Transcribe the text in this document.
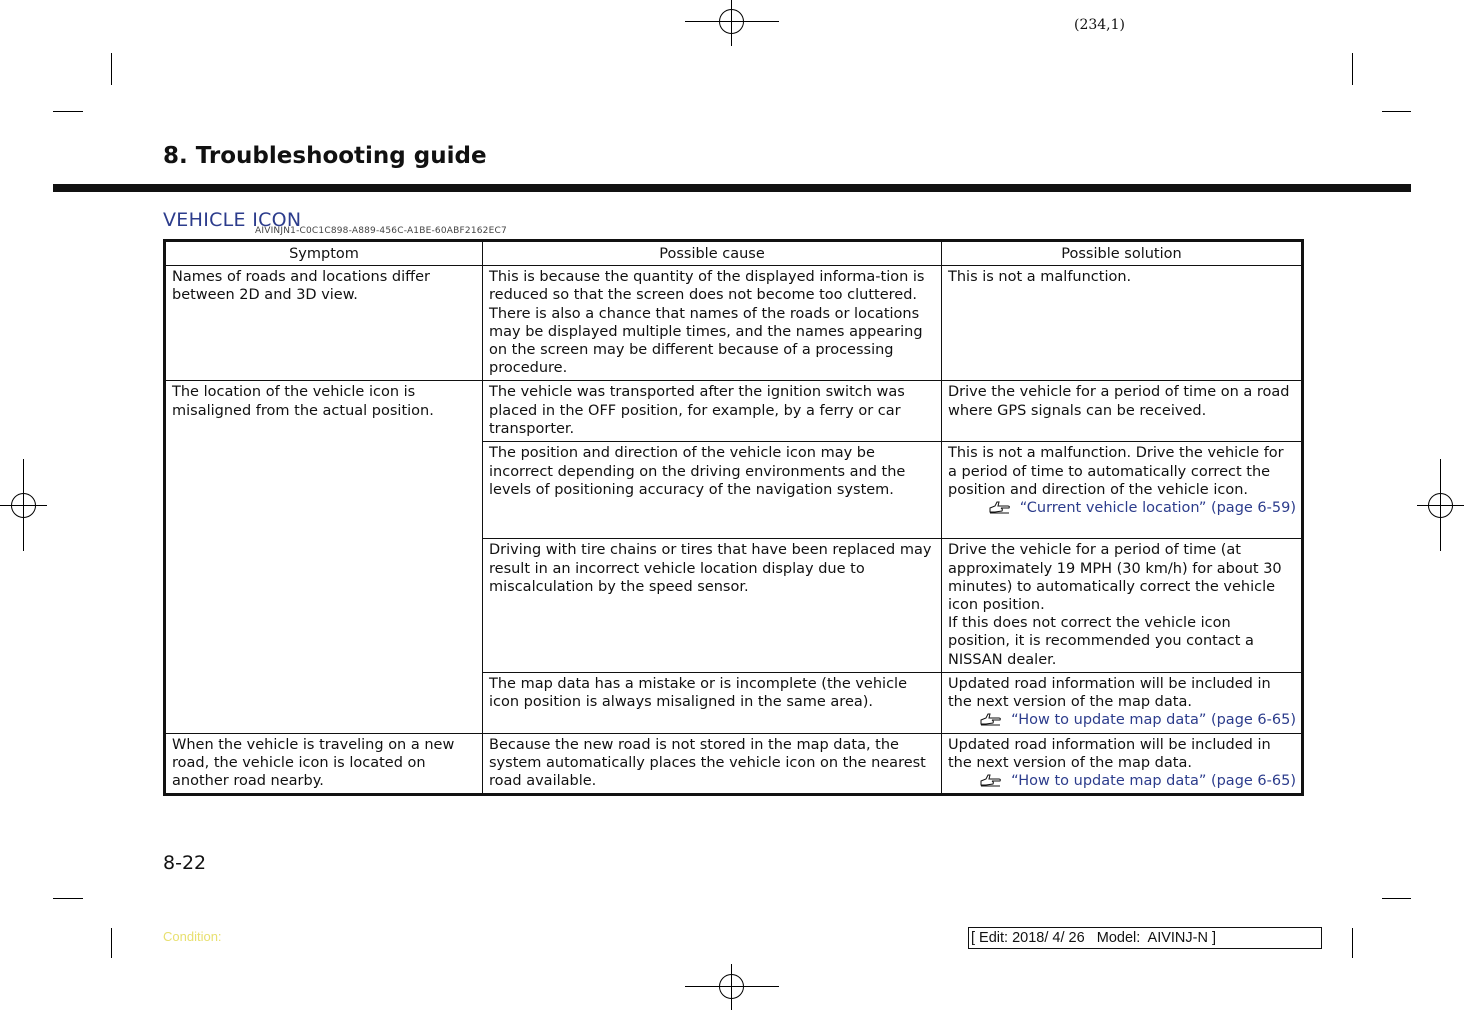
(234,1)
8. Troubleshooting guide
VEHICLE ICON
AIVINJN1-C0C1C898-A889-456C-A1BE-60ABF2162EC7
Symptom	Possible cause	Possible solution
Names of roads and locations differ between 2D and 3D view.	This is because the quantity of the displayed informa-tion is reduced so that the screen does not become too cluttered. There is also a chance that names of the roads or locations may be displayed multiple times, and the names appearing on the screen may be different because of a processing procedure.	This is not a malfunction.
The location of the vehicle icon is misaligned from the actual position.	The vehicle was transported after the ignition switch was placed in the OFF position, for example, by a ferry or car transporter.	Drive the vehicle for a period of time on a road where GPS signals can be received.
	The position and direction of the vehicle icon may be incorrect depending on the driving environments and the levels of positioning accuracy of the navigation system.	This is not a malfunction. Drive the vehicle for a period of time to automatically correct the position and direction of the vehicle icon.
“Current vehicle location” (page 6-59)

	Driving with tire chains or tires that have been replaced may result in an incorrect vehicle location display due to miscalculation by the speed sensor.	Drive the vehicle for a period of time (at approximately 19 MPH (30 km/h) for about 30 minutes) to automatically correct the vehicle icon position.
If this does not correct the vehicle icon position, it is recommended you contact a NISSAN dealer.

	The map data has a mistake or is incomplete (the vehicle icon position is always misaligned in the same area).	Updated road information will be included in the next version of the map data.
“How to update map data” (page 6-65)

When the vehicle is traveling on a new road, the vehicle icon is located on another road nearby.	Because the new road is not stored in the map data, the system automatically places the vehicle icon on the nearest road available.	Updated road information will be included in the next version of the map data.
“How to update map data” (page 6-65)
8-22
Condition:	[ Edit: 2018/ 4/ 26   Model:  AIVINJ-N ]
